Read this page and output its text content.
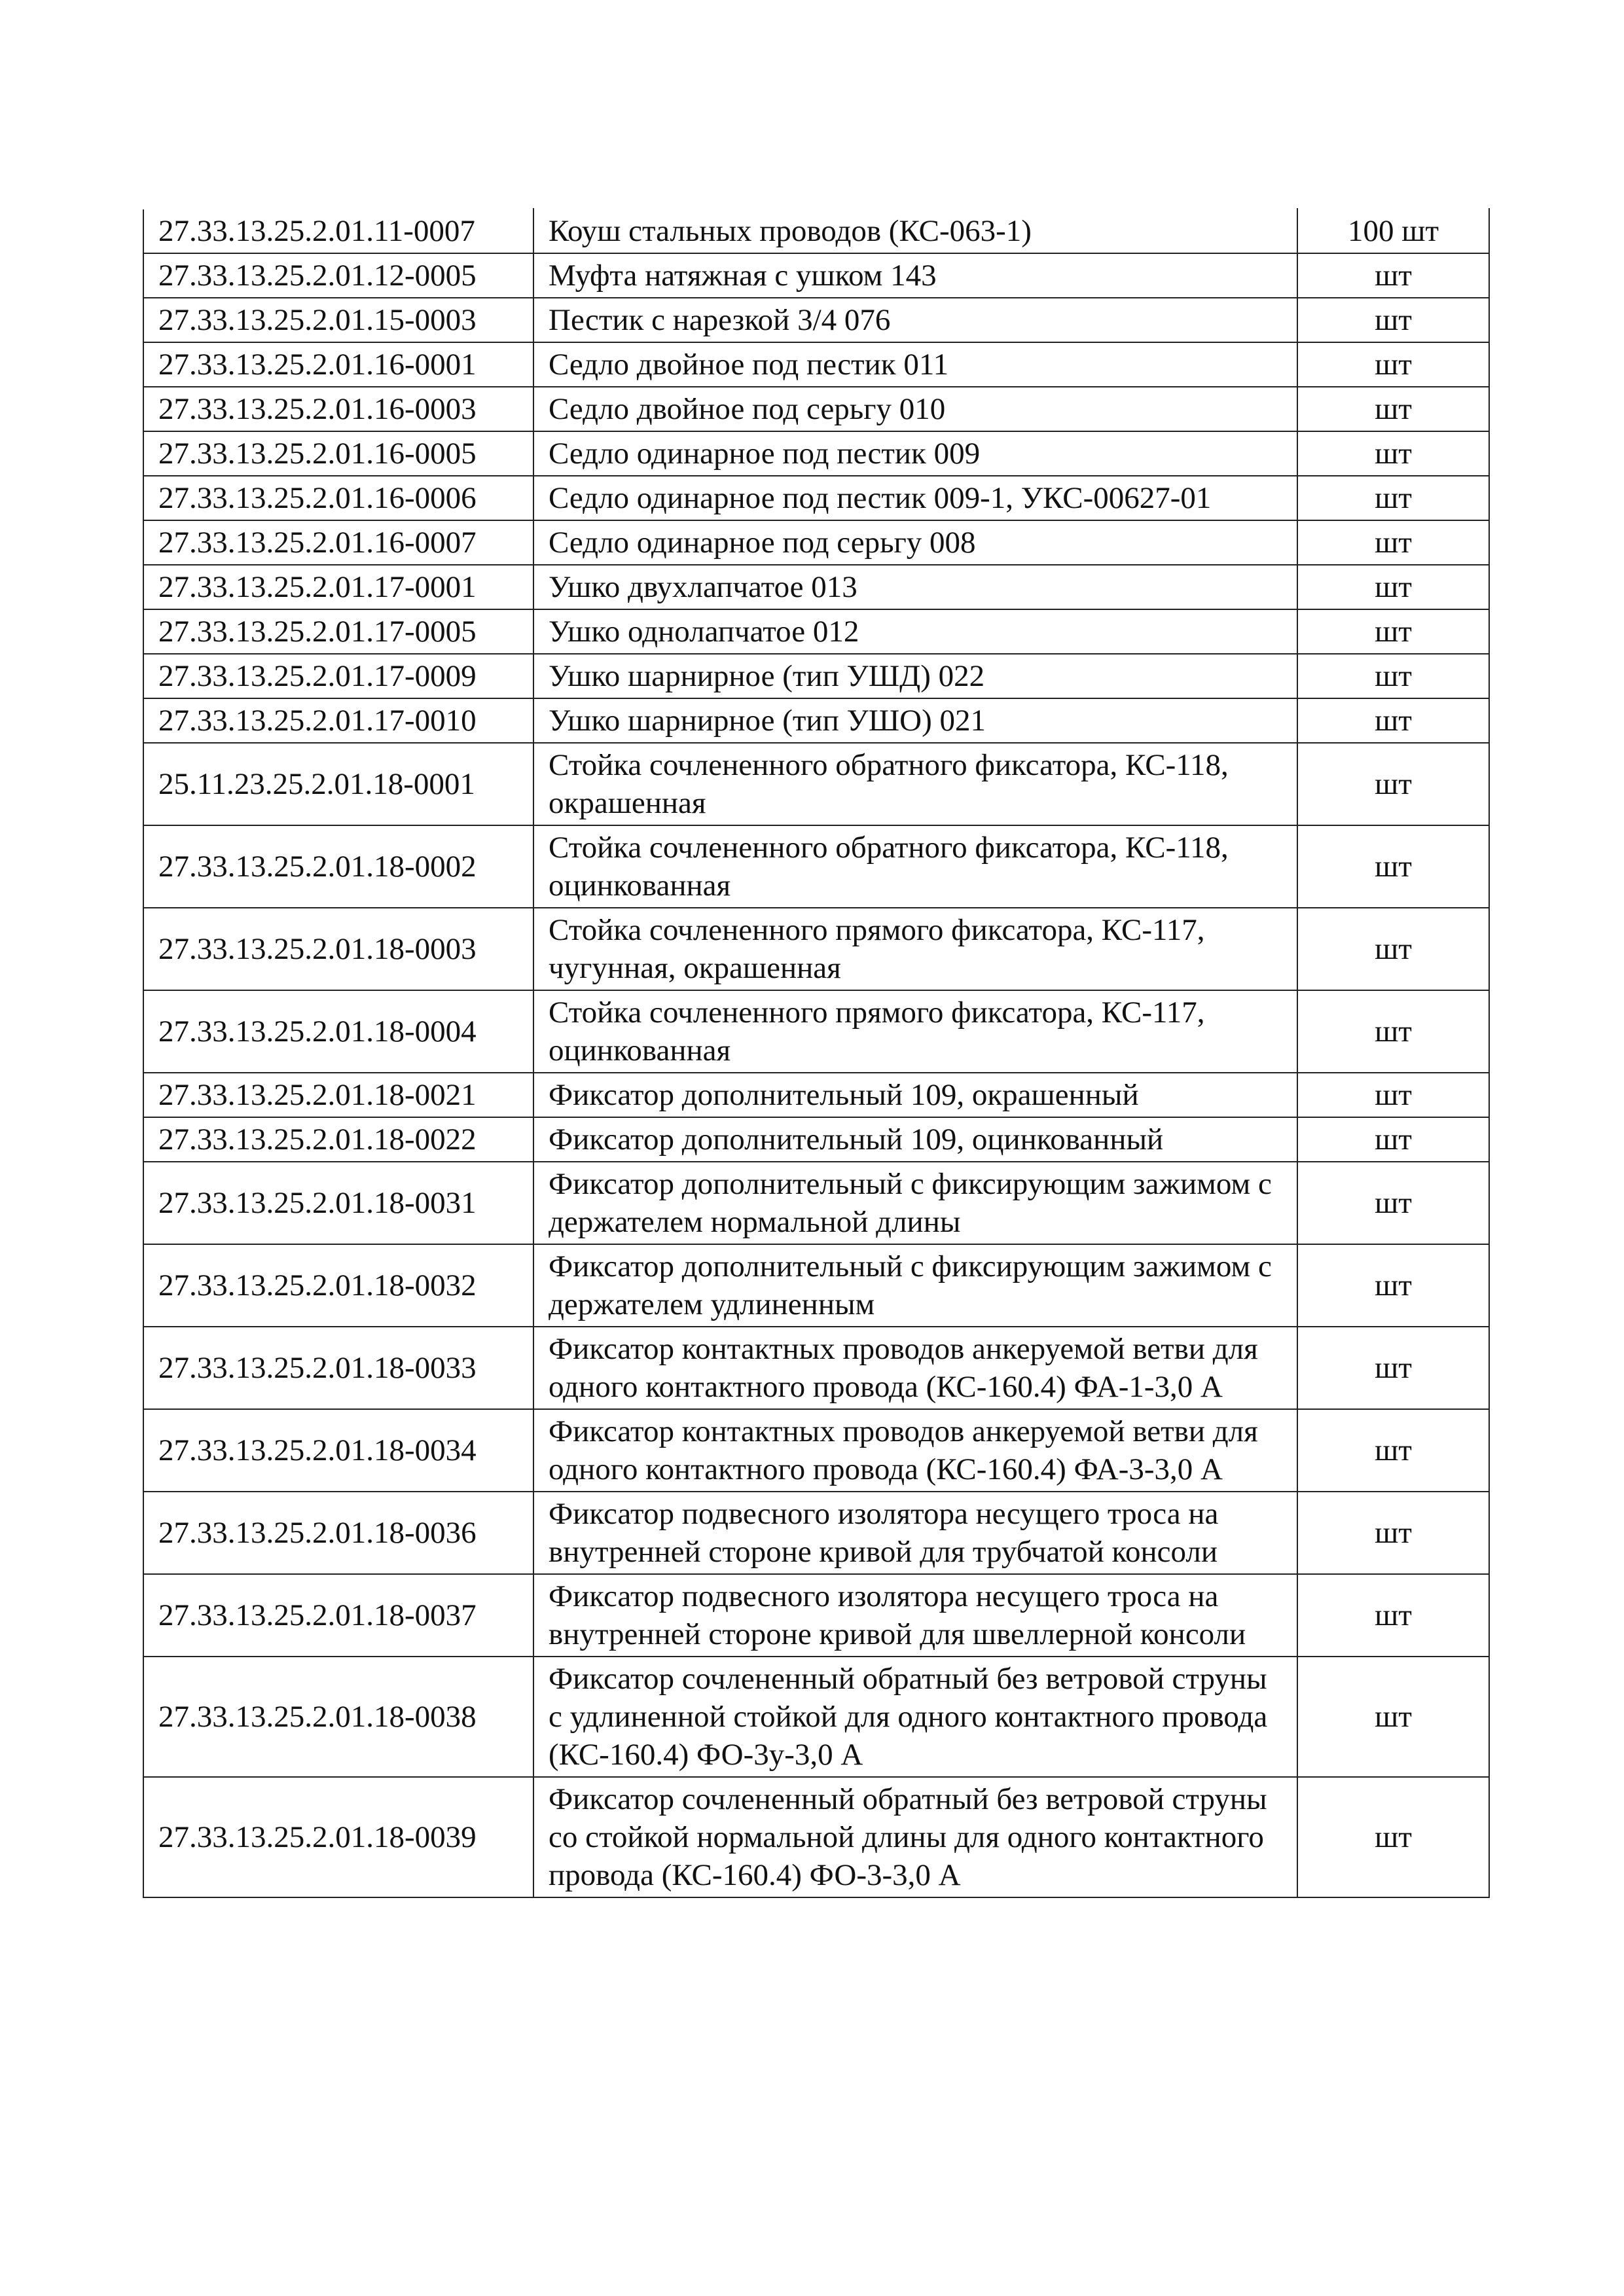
27.33.13.25.2.01.11-0007	Коуш стальных проводов (КС-063-1)	100 шт
27.33.13.25.2.01.12-0005	Муфта натяжная с ушком 143	шт
27.33.13.25.2.01.15-0003	Пестик с нарезкой 3/4 076	шт
27.33.13.25.2.01.16-0001	Седло двойное под пестик 011	шт
27.33.13.25.2.01.16-0003	Седло двойное под серьгу 010	шт
27.33.13.25.2.01.16-0005	Седло одинарное под пестик 009	шт
27.33.13.25.2.01.16-0006	Седло одинарное под пестик 009-1, УКС-00627-01	шт
27.33.13.25.2.01.16-0007	Седло одинарное под серьгу 008	шт
27.33.13.25.2.01.17-0001	Ушко двухлапчатое 013	шт
27.33.13.25.2.01.17-0005	Ушко однолапчатое 012	шт
27.33.13.25.2.01.17-0009	Ушко шарнирное (тип УШД) 022	шт
27.33.13.25.2.01.17-0010	Ушко шарнирное (тип УШО) 021	шт
25.11.23.25.2.01.18-0001	Стойка сочлененного обратного фиксатора, КС-118, окрашенная	шт
27.33.13.25.2.01.18-0002	Стойка сочлененного обратного фиксатора, КС-118, оцинкованная	шт
27.33.13.25.2.01.18-0003	Стойка сочлененного прямого фиксатора, КС-117, чугунная, окрашенная	шт
27.33.13.25.2.01.18-0004	Стойка сочлененного прямого фиксатора, КС-117, оцинкованная	шт
27.33.13.25.2.01.18-0021	Фиксатор дополнительный 109, окрашенный	шт
27.33.13.25.2.01.18-0022	Фиксатор дополнительный 109, оцинкованный	шт
27.33.13.25.2.01.18-0031	Фиксатор дополнительный с фиксирующим зажимом с держателем нормальной длины	шт
27.33.13.25.2.01.18-0032	Фиксатор дополнительный с фиксирующим зажимом с держателем удлиненным	шт
27.33.13.25.2.01.18-0033	Фиксатор контактных проводов анкеруемой ветви для одного контактного провода (КС-160.4) ФА-1-3,0 А	шт
27.33.13.25.2.01.18-0034	Фиксатор контактных проводов анкеруемой ветви для одного контактного провода (КС-160.4) ФА-3-3,0 А	шт
27.33.13.25.2.01.18-0036	Фиксатор подвесного изолятора несущего троса на внутренней стороне кривой для трубчатой консоли	шт
27.33.13.25.2.01.18-0037	Фиксатор подвесного изолятора несущего троса на внутренней стороне кривой для швеллерной консоли	шт
27.33.13.25.2.01.18-0038	Фиксатор сочлененный обратный без ветровой струны с удлиненной стойкой для одного контактного провода (КС-160.4) ФО-3у-3,0 А	шт
27.33.13.25.2.01.18-0039	Фиксатор сочлененный обратный без ветровой струны со стойкой нормальной длины для одного контактного провода (КС-160.4) ФО-3-3,0 А	шт
